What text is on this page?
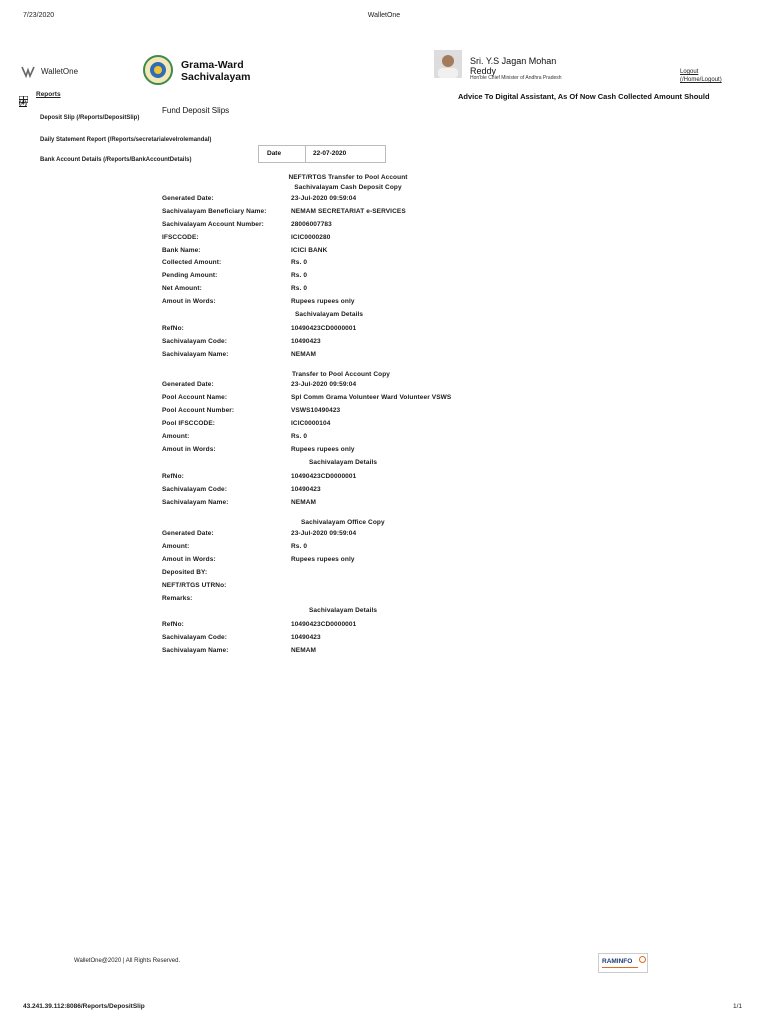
7/23/2020	WalletOne
WalletOne
Grama-Ward
Sachivalayam
Sri. Y.S Jagan Mohan
Reddy
Hon'ble Chief Minister of Andhra Pradesh
Logout
(/Home/Logout)
Reports
(#)
Advice To Digital Assistant, As Of Now Cash Collected Amount Should
Deposit Slip (/Reports/DepositSlip)
Daily Statement Report (/Reports/secretarialevelrolemandal)
Bank Account Details (/Reports/BankAccountDetails)
Fund Deposit Slips
Date	22-07-2020
NEFT/RTGS Transfer to Pool Account
Sachivalayam Cash Deposit Copy
Generated Date:	23-Jul-2020 09:59:04
Sachivalayam Beneficiary Name:	NEMAM SECRETARIAT e-SERVICES
Sachivalayam Account Number:	28006007783
IFSCCODE:	ICIC0000280
Bank Name:	ICICI BANK
Collected Amount:	Rs. 0
Pending Amount:	Rs. 0
Net Amount:	Rs. 0
Amout in Words:	Rupees rupees only
Sachivalayam Details
RefNo:	10490423CD0000001
Sachivalayam Code:	10490423
Sachivalayam Name:	NEMAM
Transfer to Pool Account Copy
Generated Date:	23-Jul-2020 09:59:04
Pool Account Name:	Spl Comm Grama Volunteer Ward Volunteer VSWS
Pool Account Number:	VSWS10490423
Pool IFSCCODE:	ICIC0000104
Amount:	Rs. 0
Amout in Words:	Rupees rupees only
Sachivalayam Details
RefNo:	10490423CD0000001
Sachivalayam Code:	10490423
Sachivalayam Name:	NEMAM
Sachivalayam Office Copy
Generated Date:	23-Jul-2020 09:59:04
Amount:	Rs. 0
Amout in Words:	Rupees rupees only
Deposited BY:
NEFT/RTGS UTRNo:
Remarks:
Sachivalayam Details
RefNo:	10490423CD0000001
Sachivalayam Code:	10490423
Sachivalayam Name:	NEMAM
WalletOne@2020 | All Rights Reserved.	RAMINFO
43.241.39.112:8086/Reports/DepositSlip	1/1
